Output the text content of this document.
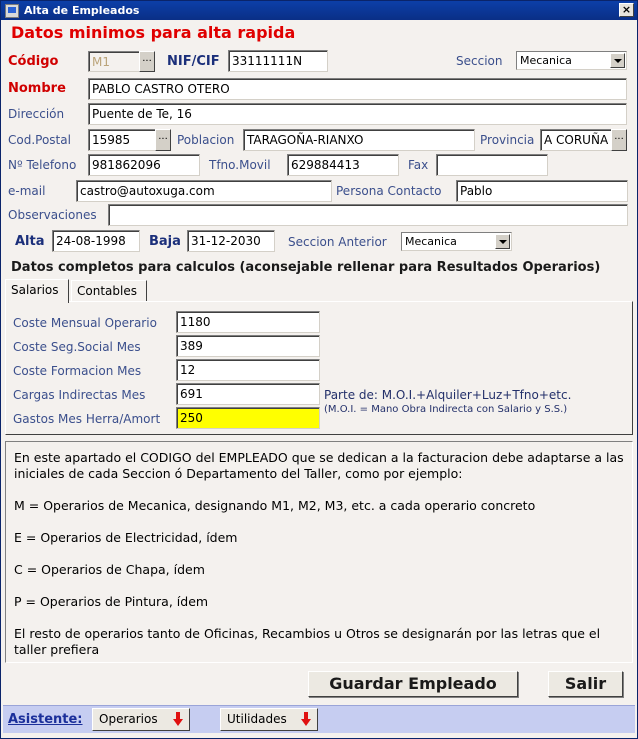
Alta de Empleados	×
Datos minimos para alta rapida
Código	M1	... NIF/CIF	33111111N	Seccion	Mecanica
Nombre	PABLO CASTRO OTERO
Dirección	Puente de Te, 16
Cod.Postal	15985	... Poblacion	TARAGOÑA-RIANXO	Provincia A CORUÑA ...
Nº Telefono	981862096	Tfno.Movil	629884413	Fax
e-mail	castro@autoxuga.com	Persona Contacto	Pablo
Observaciones
Alta 24-08-1998	Baja 31-12-2030	Seccion Anterior	Mecanica
Datos completos para calculos (aconsejable rellenar para Resultados Operarios)
Salarios	Contables
Coste Mensual Operario	1180
Coste Seg.Social Mes	389
Coste Formacion Mes	12
Cargas Indirectas Mes	691
Gastos Mes Herra/Amort	250
Parte de: M.O.I.+Alquiler+Luz+Tfno+etc.
(M.O.I. = Mano Obra Indirecta con Salario y S.S.)

En este apartado el CODIGO del EMPLEADO que se dedican a la facturacion debe adaptarse a las iniciales de cada Seccion ó Departamento del Taller, como por ejemplo:

M = Operarios de Mecanica, designando M1, M2, M3, etc. a cada operario concreto

E = Operarios de Electricidad, ídem

C = Operarios de Chapa, ídem

P = Operarios de Pintura, ídem

El resto de operarios tanto de Oficinas, Recambios u Otros se designarán por las letras que el taller prefiera

Guardar Empleado	Salir
Asistente:	Operarios	Utilidades
